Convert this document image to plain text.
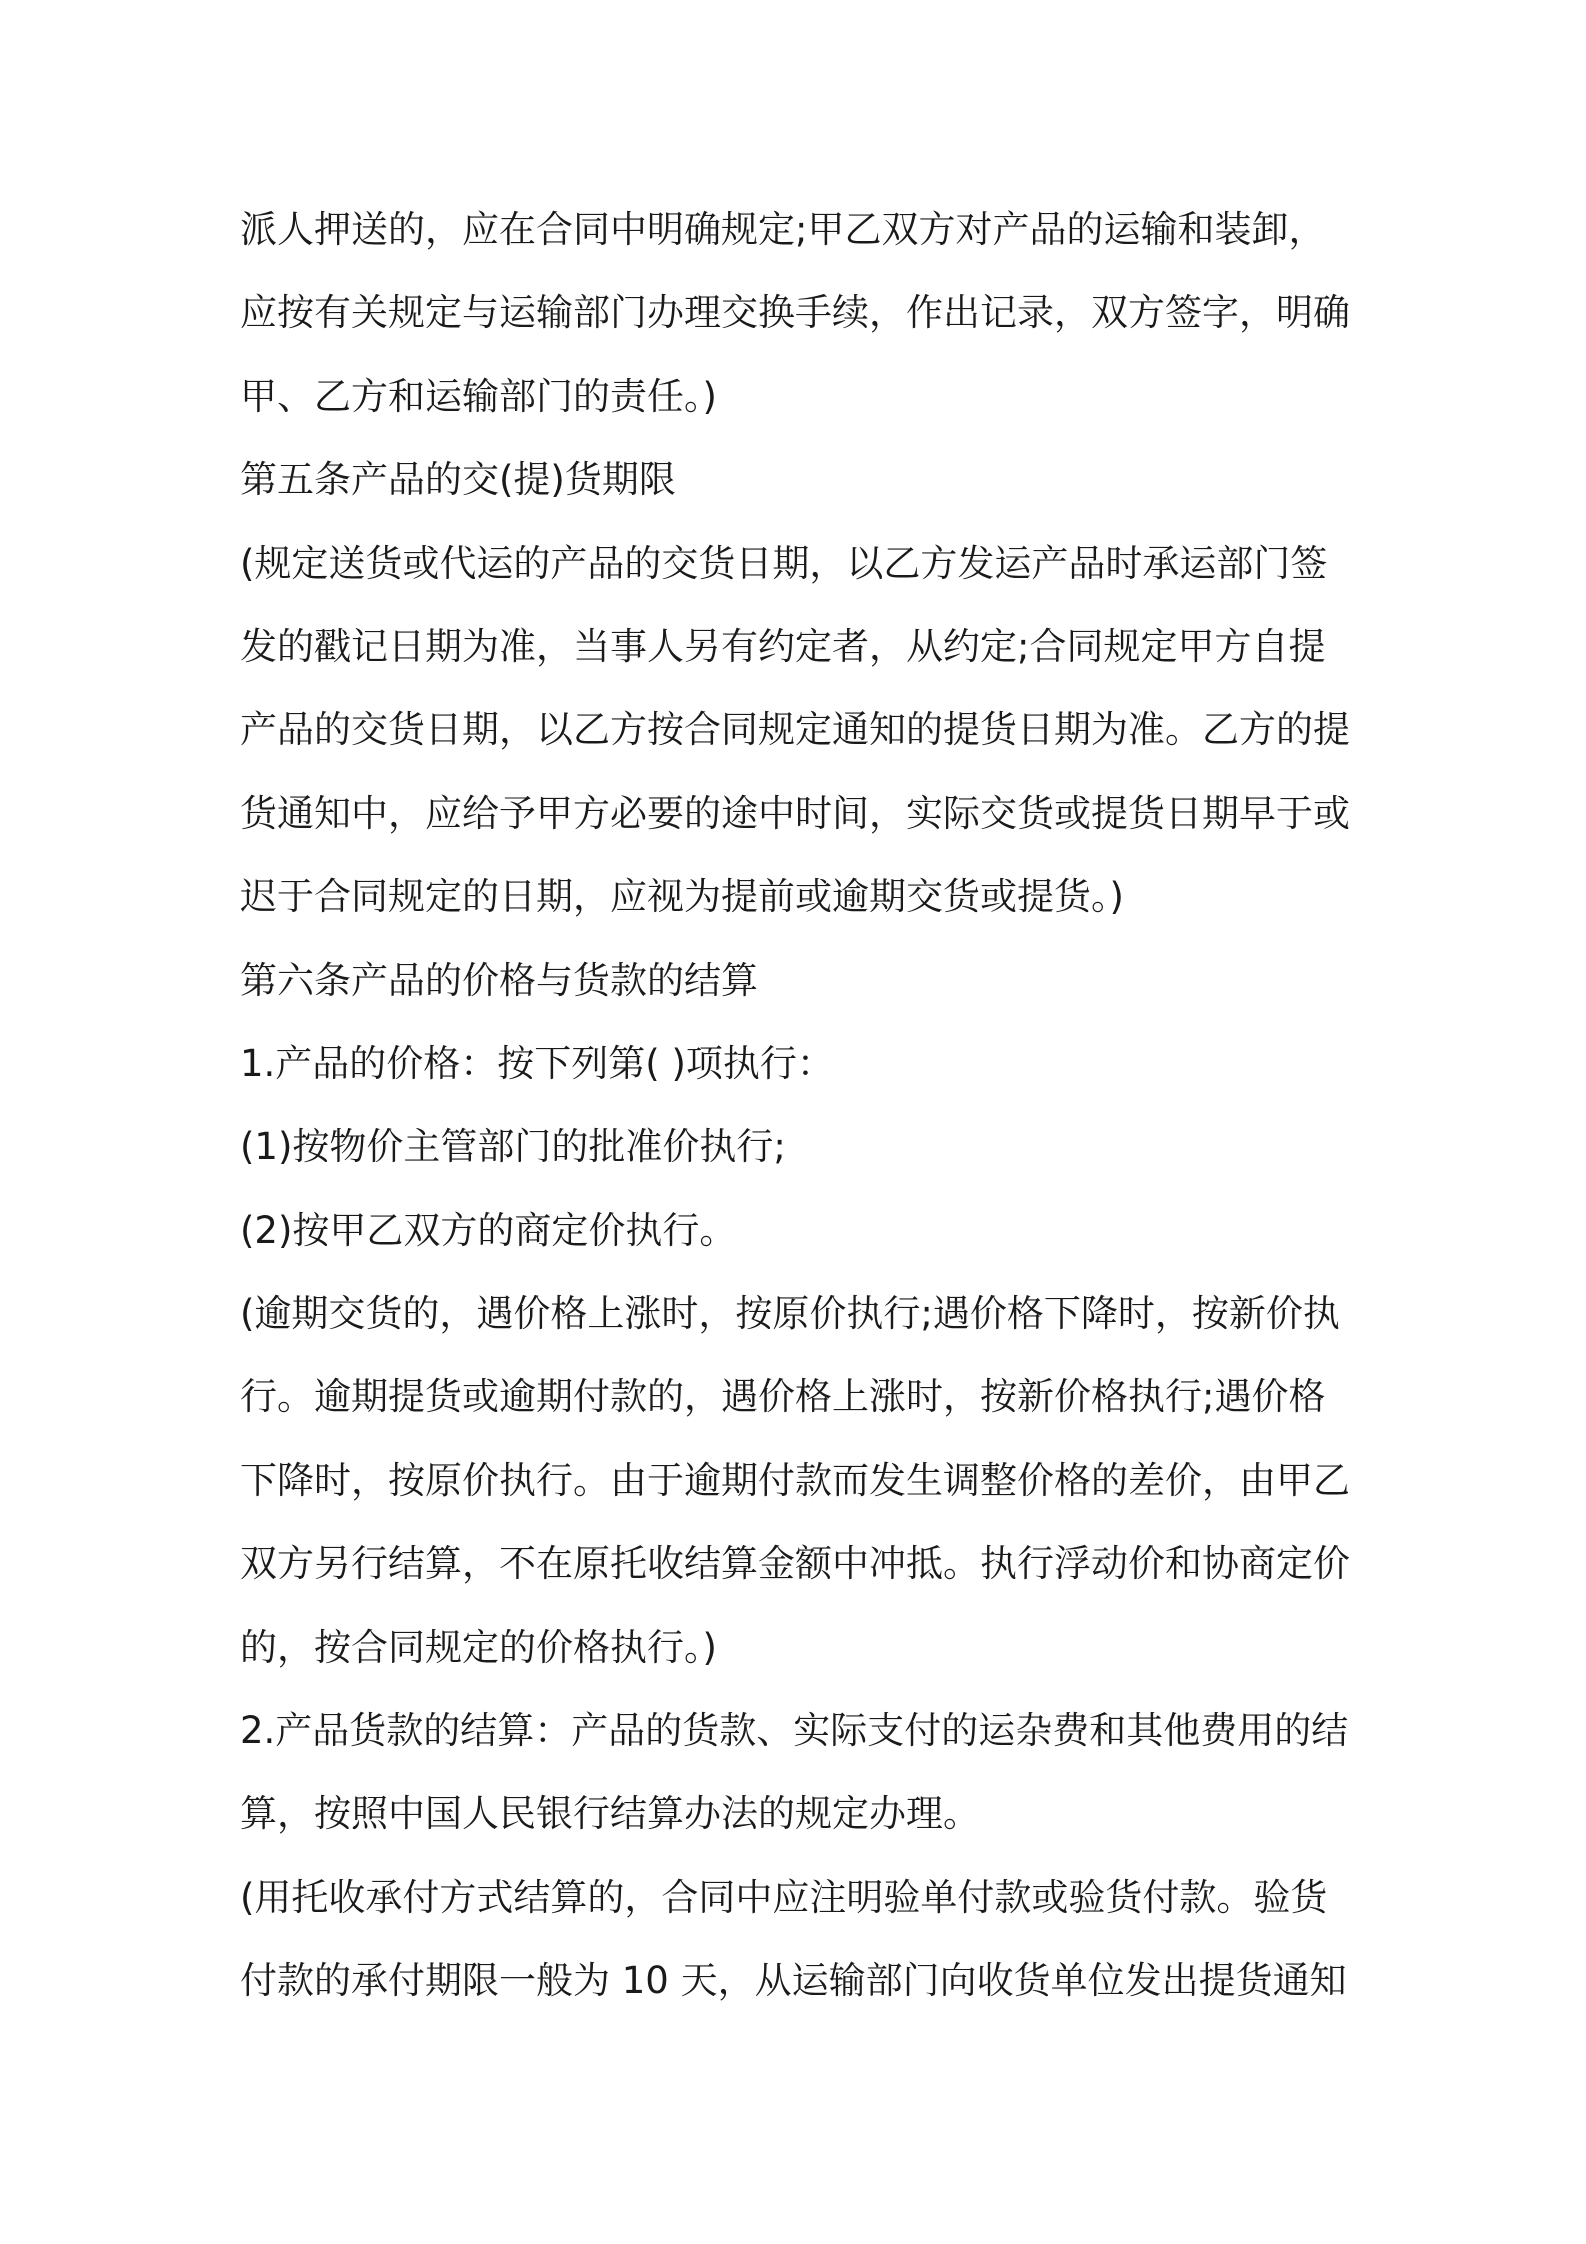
派人押送的，应在合同中明确规定;甲乙双方对产品的运输和装卸，
应按有关规定与运输部门办理交换手续，作出记录，双方签字，明确
甲、乙方和运输部门的责任。)
第五条产品的交(提)货期限
(规定送货或代运的产品的交货日期，以乙方发运产品时承运部门签
发的戳记日期为准，当事人另有约定者，从约定;合同规定甲方自提
产品的交货日期，以乙方按合同规定通知的提货日期为准。乙方的提
货通知中，应给予甲方必要的途中时间，实际交货或提货日期早于或
迟于合同规定的日期，应视为提前或逾期交货或提货。)
第六条产品的价格与货款的结算
1.产品的价格：按下列第( )项执行：
(1)按物价主管部门的批准价执行;
(2)按甲乙双方的商定价执行。
(逾期交货的，遇价格上涨时，按原价执行;遇价格下降时，按新价执
行。逾期提货或逾期付款的，遇价格上涨时，按新价格执行;遇价格
下降时，按原价执行。由于逾期付款而发生调整价格的差价，由甲乙
双方另行结算，不在原托收结算金额中冲抵。执行浮动价和协商定价
的，按合同规定的价格执行。)
2.产品货款的结算：产品的货款、实际支付的运杂费和其他费用的结
算，按照中国人民银行结算办法的规定办理。
(用托收承付方式结算的，合同中应注明验单付款或验货付款。验货
付款的承付期限一般为 10 天，从运输部门向收货单位发出提货通知
